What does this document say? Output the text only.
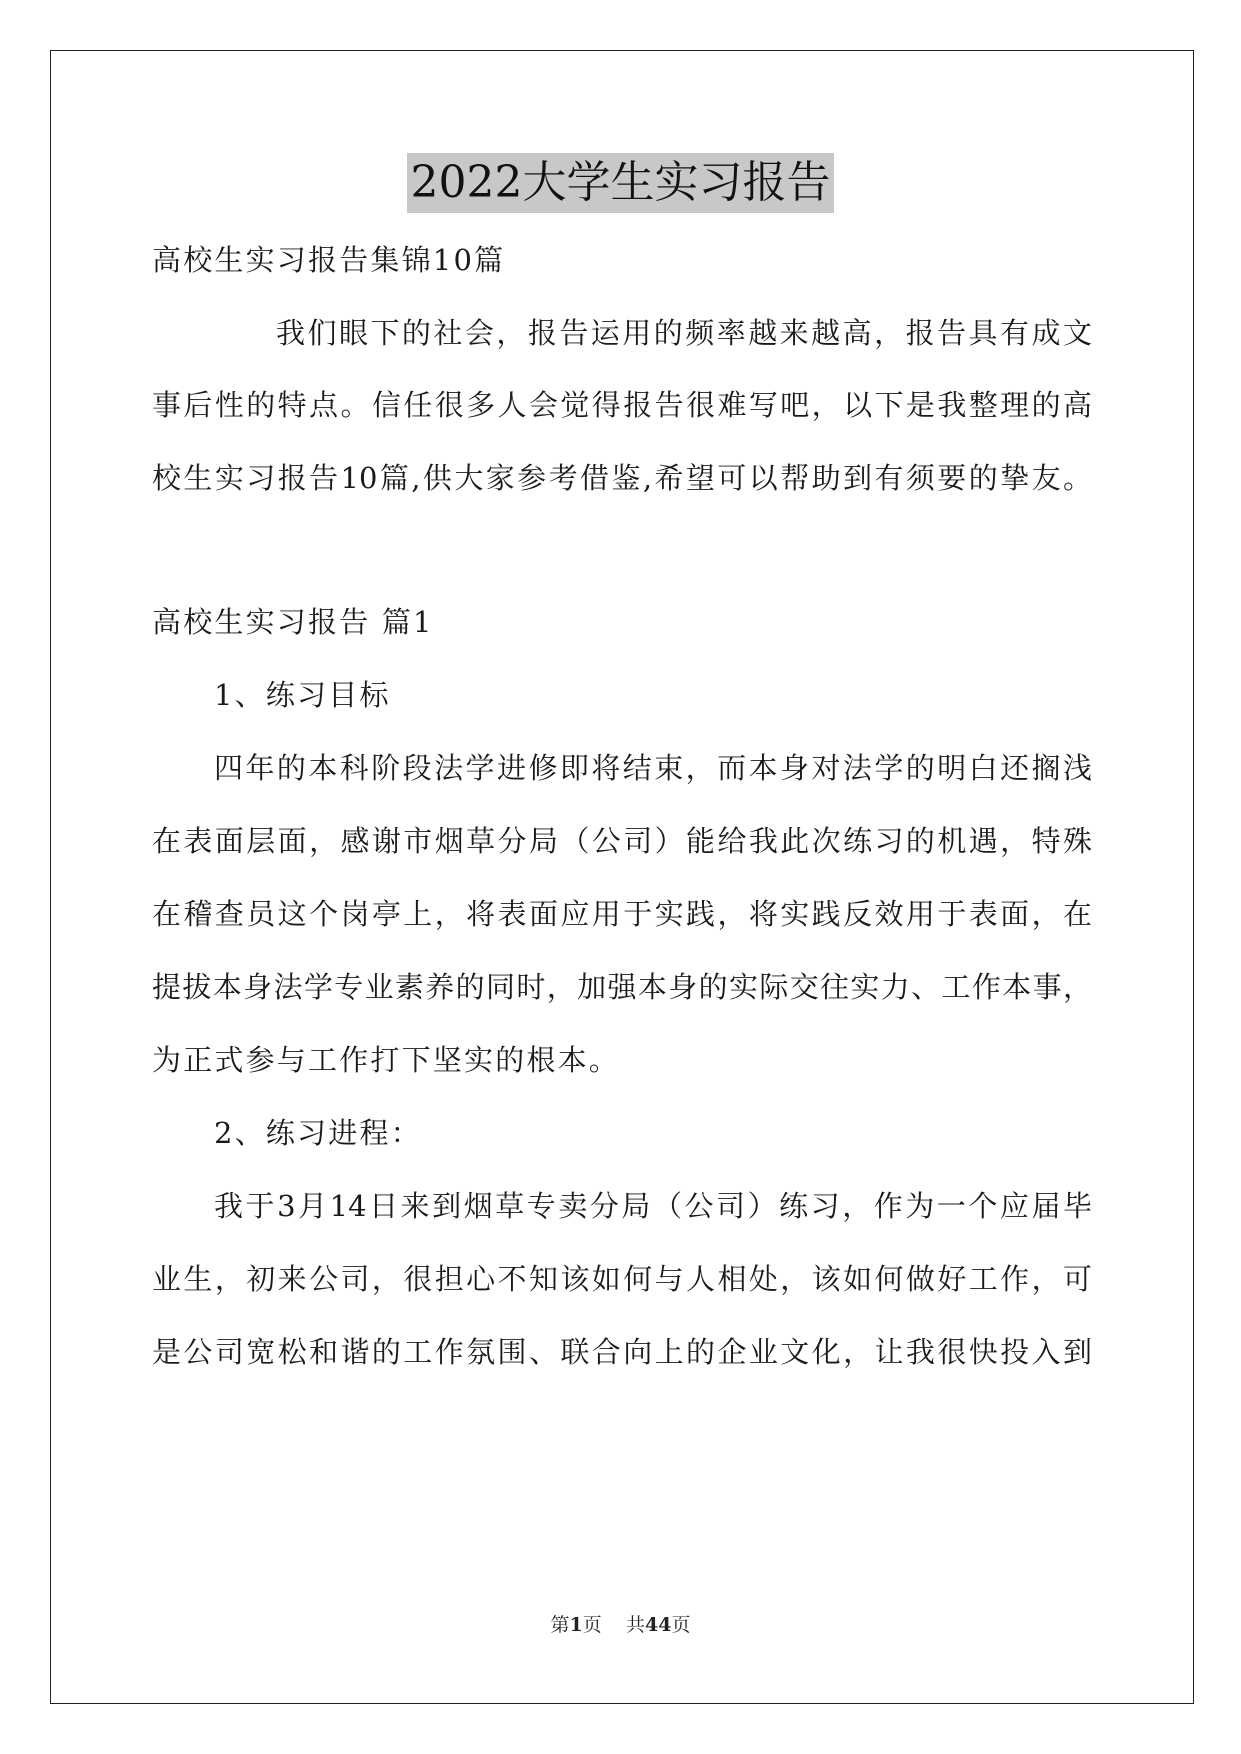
2022大学生实习报告
高校生实习报告集锦10篇
我们眼下的社会，报告运用的频率越来越高，报告具有成文
事后性的特点。信任很多人会觉得报告很难写吧，以下是我整理的高
校生实习报告10篇,供大家参考借鉴,希望可以帮助到有须要的挚友。
高校生实习报告 篇1
1、练习目标
四年的本科阶段法学进修即将结束，而本身对法学的明白还搁浅
在表面层面，感谢市烟草分局（公司）能给我此次练习的机遇，特殊
在稽查员这个岗亭上，将表面应用于实践，将实践反效用于表面，在
提拔本身法学专业素养的同时，加强本身的实际交往实力、工作本事，
为正式参与工作打下坚实的根本。
2、练习进程：
我于3月14日来到烟草专卖分局（公司）练习，作为一个应届毕
业生，初来公司，很担心不知该如何与人相处，该如何做好工作，可
是公司宽松和谐的工作氛围、联合向上的企业文化，让我很快投入到
第1页 共44页
